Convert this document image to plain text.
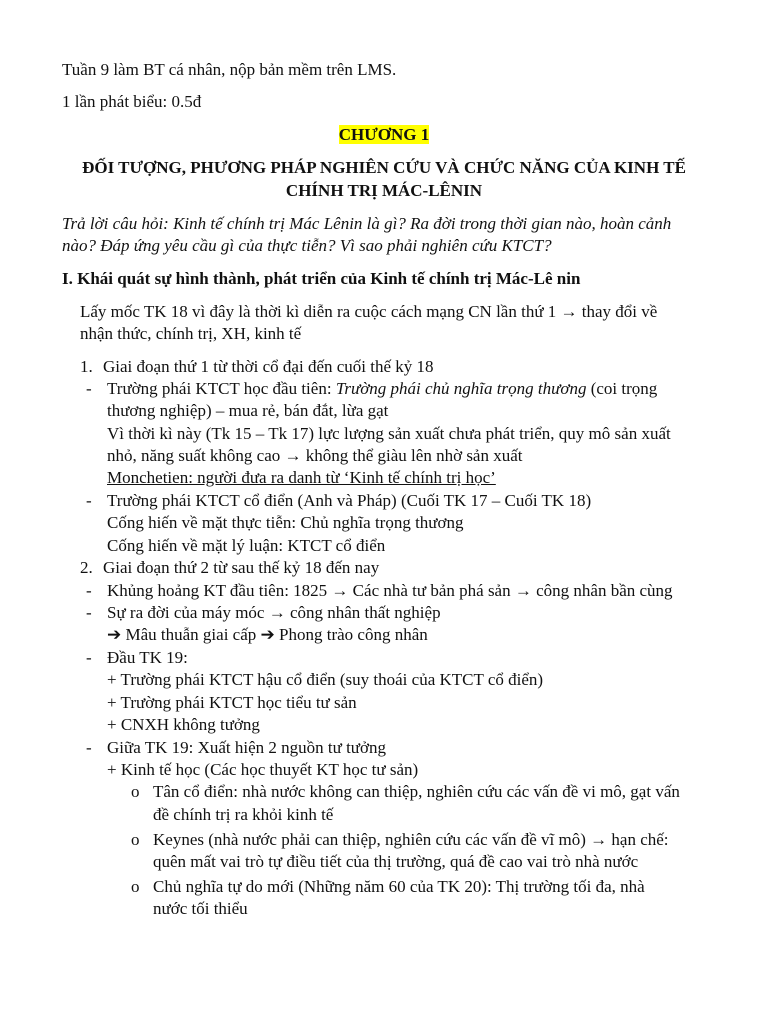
Tuần 9 làm BT cá nhân, nộp bản mềm trên LMS.
1 lần phát biểu: 0.5đ
CHƯƠNG 1
ĐỐI TƯỢNG, PHƯƠNG PHÁP NGHIÊN CỨU VÀ CHỨC NĂNG CỦA KINH TẾ
CHÍNH TRỊ MÁC-LÊNIN
Trả lời câu hỏi: Kinh tế chính trị Mác Lênin là gì? Ra đời trong thời gian nào, hoàn cảnh
nào? Đáp ứng yêu cầu gì của thực tiễn? Vì sao phải nghiên cứu KTCT?
I. Khái quát sự hình thành, phát triển của Kinh tế chính trị Mác-Lê nin
Lấy mốc TK 18 vì đây là thời kì diễn ra cuộc cách mạng CN lần thứ 1 → thay đổi về
nhận thức, chính trị, XH, kinh tế
1. Giai đoạn thứ 1 từ thời cổ đại đến cuối thế kỷ 18
- Trường phái KTCT học đầu tiên: Trường phái chủ nghĩa trọng thương (coi trọng
thương nghiệp) – mua rẻ, bán đắt, lừa gạt
Vì thời kì này (Tk 15 – Tk 17) lực lượng sản xuất chưa phát triển, quy mô sản xuất
nhỏ, năng suất không cao → không thể giàu lên nhờ sản xuất
Monchetien: người đưa ra danh từ ‘Kinh tế chính trị học’
- Trường phái KTCT cổ điển (Anh và Pháp) (Cuối TK 17 – Cuối TK 18)
Cống hiến về mặt thực tiễn: Chủ nghĩa trọng thương
Cống hiến về mặt lý luận: KTCT cổ điển
2. Giai đoạn thứ 2 từ sau thế kỷ 18 đến nay
- Khủng hoảng KT đầu tiên: 1825 → Các nhà tư bản phá sản → công nhân bần cùng
- Sự ra đời của máy móc → công nhân thất nghiệp
➔ Mâu thuẫn giai cấp ➔ Phong trào công nhân
- Đầu TK 19:
+ Trường phái KTCT hậu cổ điển (suy thoái của KTCT cổ điển)
+ Trường phái KTCT học tiểu tư sản
+ CNXH không tưởng
- Giữa TK 19: Xuất hiện 2 nguồn tư tưởng
+ Kinh tế học (Các học thuyết KT học tư sản)
o Tân cổ điển: nhà nước không can thiệp, nghiên cứu các vấn đề vi mô, gạt vấn
đề chính trị ra khỏi kinh tế
o Keynes (nhà nước phải can thiệp, nghiên cứu các vấn đề vĩ mô) → hạn chế:
quên mất vai trò tự điều tiết của thị trường, quá đề cao vai trò nhà nước
o Chủ nghĩa tự do mới (Những năm 60 của TK 20): Thị trường tối đa, nhà
nước tối thiểu
